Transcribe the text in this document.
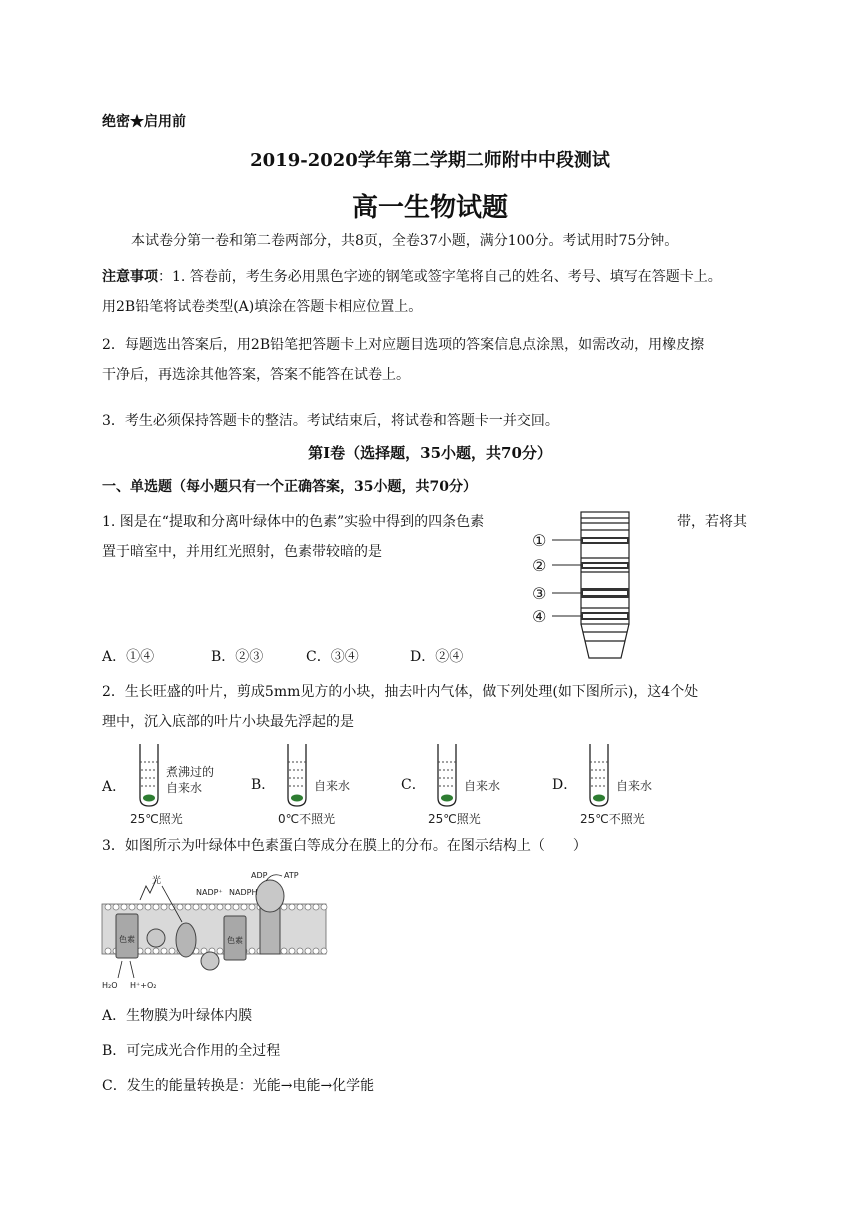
绝密★启用前
2019-2020学年第二学期二师附中中段测试
高一生物试题
本试卷分第一卷和第二卷两部分，共8页，全卷37小题，满分100分。考试用时75分钟。
注意事项：1. 答卷前，考生务必用黑色字迹的钢笔或签字笔将自己的姓名、考号、填写在答题卡上。
用2B铅笔将试卷类型(A)填涂在答题卡相应位置上。
2．每题选出答案后，用2B铅笔把答题卡上对应题目选项的答案信息点涂黑，如需改动，用橡皮擦
干净后，再选涂其他答案，答案不能答在试卷上。
3．考生必须保持答题卡的整洁。考试结束后，将试卷和答题卡一并交回。
第Ⅰ卷（选择题，35小题，共70分）
一、单选题（每小题只有一个正确答案，35小题，共70分）
1. 图是在“提取和分离叶绿体中的色素”实验中得到的四条色素	带，若将其
置于暗室中，并用红光照射，色素带较暗的是
①
②
③
④
A．①④	B．②③	C．③④	D．②④
2．生长旺盛的叶片，剪成5mm见方的小块，抽去叶内气体，做下列处理(如下图所示)，这4个处
理中，沉入底部的叶片小块最先浮起的是
A．
煮沸过的
自来水
25℃照光
B．	自来水
0℃不照光
C．	自来水
25℃照光
D．	自来水
25℃不照光
3．如图所示为叶绿体中色素蛋白等成分在膜上的分布。在图示结构上（　　）
色素	色素
光
NADP⁺ NADPH
ADP ATP
H₂O H⁺+O₂
A．生物膜为叶绿体内膜
B．可完成光合作用的全过程
C．发生的能量转换是：光能→电能→化学能
